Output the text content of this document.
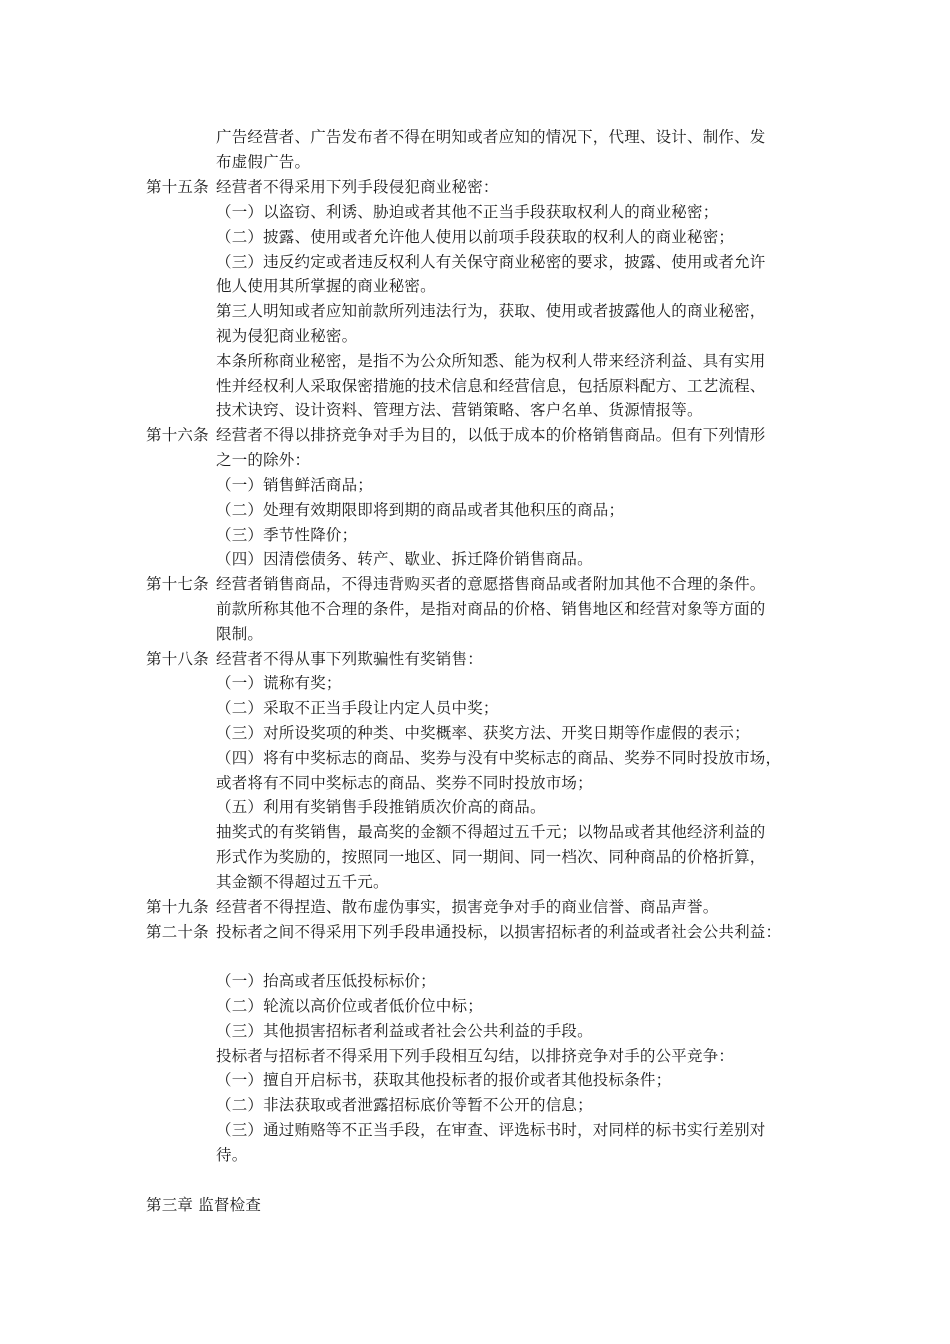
广告经营者、广告发布者不得在明知或者应知的情况下，代理、设计、制作、发
布虚假广告。
第十五条 经营者不得采用下列手段侵犯商业秘密：
（一）以盗窃、利诱、胁迫或者其他不正当手段获取权利人的商业秘密；
（二）披露、使用或者允许他人使用以前项手段获取的权利人的商业秘密；
（三）违反约定或者违反权利人有关保守商业秘密的要求，披露、使用或者允许
他人使用其所掌握的商业秘密。
第三人明知或者应知前款所列违法行为，获取、使用或者披露他人的商业秘密，
视为侵犯商业秘密。
本条所称商业秘密，是指不为公众所知悉、能为权利人带来经济利益、具有实用
性并经权利人采取保密措施的技术信息和经营信息，包括原料配方、工艺流程、
技术诀窍、设计资料、管理方法、营销策略、客户名单、货源情报等。
第十六条 经营者不得以排挤竞争对手为目的，以低于成本的价格销售商品。但有下列情形
之一的除外：
（一）销售鲜活商品；
（二）处理有效期限即将到期的商品或者其他积压的商品；
（三）季节性降价；
（四）因清偿债务、转产、歇业、拆迁降价销售商品。
第十七条 经营者销售商品，不得违背购买者的意愿搭售商品或者附加其他不合理的条件。
前款所称其他不合理的条件，是指对商品的价格、销售地区和经营对象等方面的
限制。
第十八条 经营者不得从事下列欺骗性有奖销售：
（一）谎称有奖；
（二）采取不正当手段让内定人员中奖；
（三）对所设奖项的种类、中奖概率、获奖方法、开奖日期等作虚假的表示；
（四）将有中奖标志的商品、奖券与没有中奖标志的商品、奖券不同时投放市场，
或者将有不同中奖标志的商品、奖券不同时投放市场；
（五）利用有奖销售手段推销质次价高的商品。
抽奖式的有奖销售，最高奖的金额不得超过五千元；以物品或者其他经济利益的
形式作为奖励的，按照同一地区、同一期间、同一档次、同种商品的价格折算，
其金额不得超过五千元。
第十九条 经营者不得捏造、散布虚伪事实，损害竞争对手的商业信誉、商品声誉。
第二十条 投标者之间不得采用下列手段串通投标，以损害招标者的利益或者社会公共利益：
（一）抬高或者压低投标标价；
（二）轮流以高价位或者低价位中标；
（三）其他损害招标者利益或者社会公共利益的手段。
投标者与招标者不得采用下列手段相互勾结，以排挤竞争对手的公平竞争：
（一）擅自开启标书，获取其他投标者的报价或者其他投标条件；
（二）非法获取或者泄露招标底价等暂不公开的信息；
（三）通过贿赂等不正当手段，在审查、评选标书时，对同样的标书实行差别对
待。
第三章 监督检查
